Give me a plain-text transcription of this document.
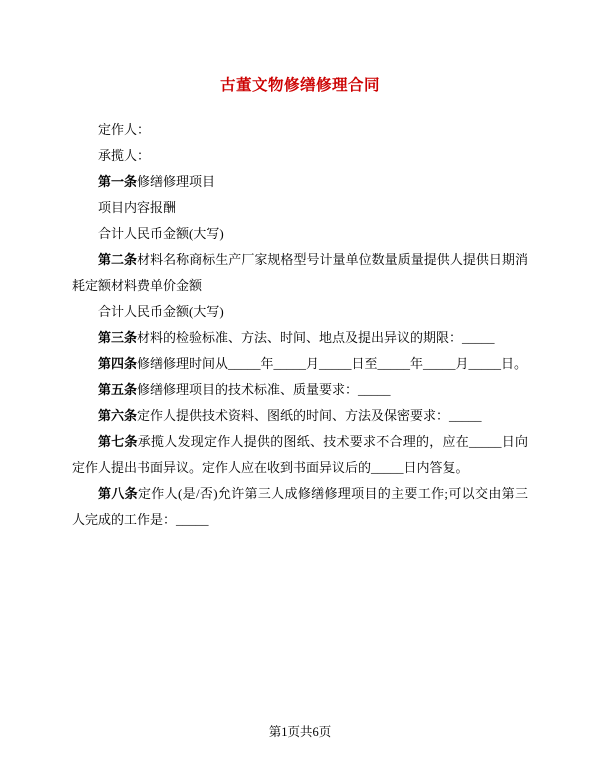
古董文物修缮修理合同

定作人：

承揽人：

第一条修缮修理项目

项目内容报酬

合计人民币金额(大写)

第二条材料名称商标生产厂家规格型号计量单位数量质量提供人提供日期消耗定额材料费单价金额

合计人民币金额(大写)

第三条材料的检验标准、方法、时间、地点及提出异议的期限：_____

第四条修缮修理时间从_____年_____月_____日至_____年_____月_____日。

第五条修缮修理项目的技术标准、质量要求：_____

第六条定作人提供技术资料、图纸的时间、方法及保密要求：_____

第七条承揽人发现定作人提供的图纸、技术要求不合理的，应在_____日向定作人提出书面异议。定作人应在收到书面异议后的_____日内答复。

第八条定作人(是/否)允许第三人成修缮修理项目的主要工作;可以交由第三人完成的工作是：_____

第1页共6页
